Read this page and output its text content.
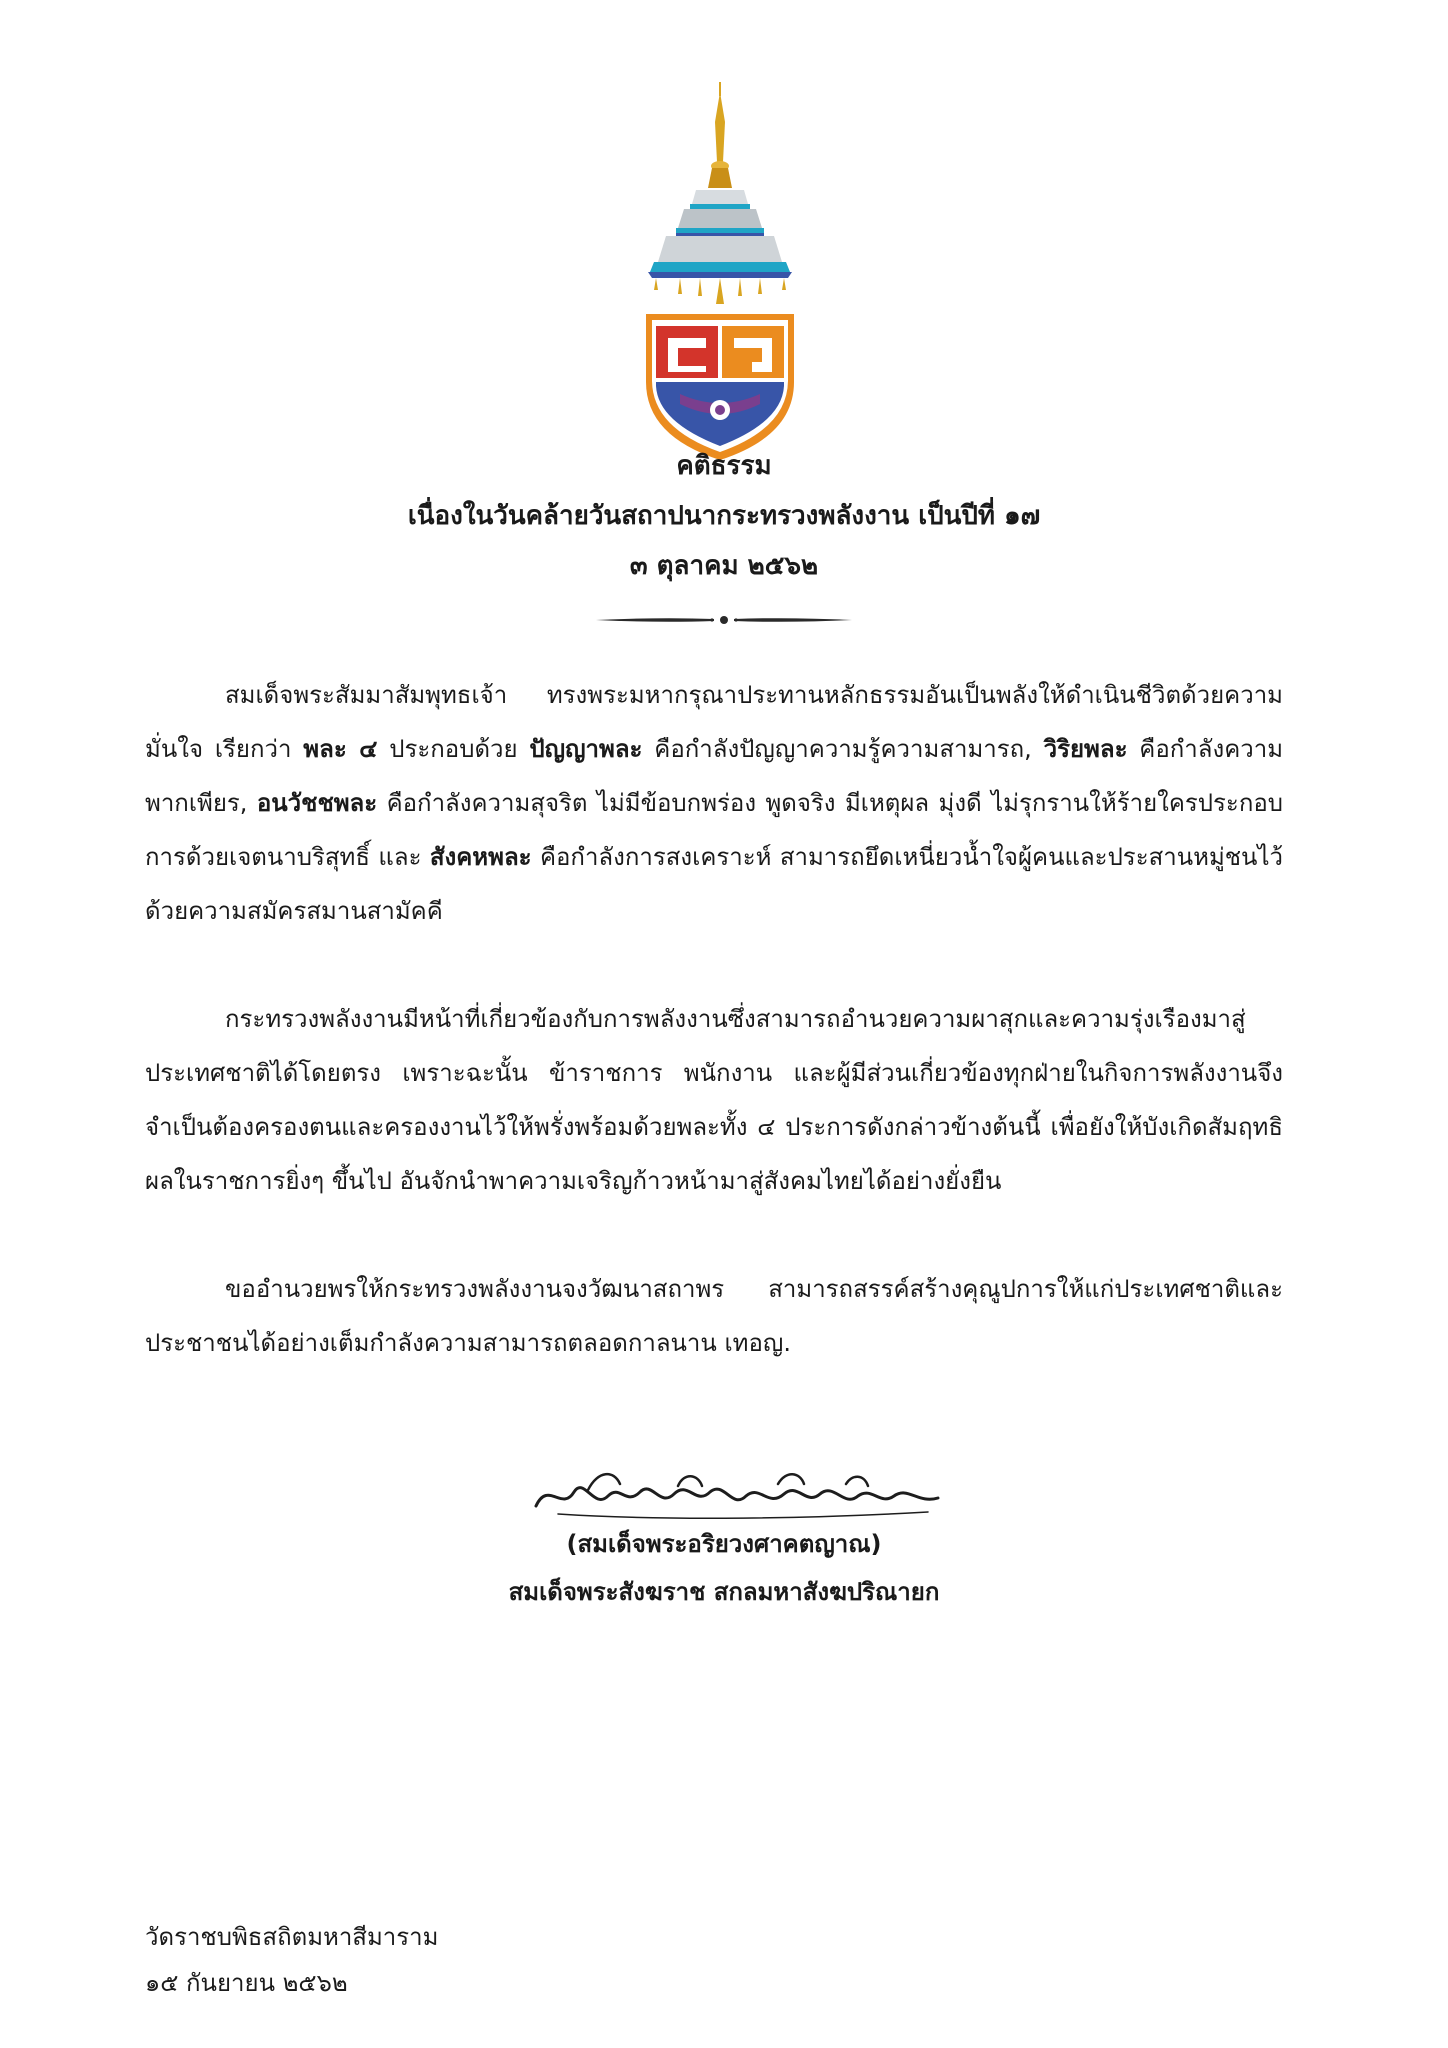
คติธรรม
เนื่องในวันคล้ายวันสถาปนากระทรวงพลังงาน เป็นปีที่ ๑๗
๓ ตุลาคม ๒๕๖๒

สมเด็จพระสัมมาสัมพุทธเจ้า ทรงพระมหากรุณาประทานหลักธรรมอันเป็นพลังให้ดำเนินชีวิตด้วยความมั่นใจ เรียกว่า พละ ๔ ประกอบด้วย ปัญญาพละ คือกำลังปัญญาความรู้ความสามารถ, วิริยพละ คือกำลังความพากเพียร, อนวัชชพละ คือกำลังความสุจริต ไม่มีข้อบกพร่อง พูดจริง มีเหตุผล มุ่งดี ไม่รุกรานให้ร้ายใครประกอบการด้วยเจตนาบริสุทธิ์ และ สังคหพละ คือกำลังการสงเคราะห์ สามารถยึดเหนี่ยวน้ำใจผู้คนและประสานหมู่ชนไว้ด้วยความสมัครสมานสามัคคี

กระทรวงพลังงานมีหน้าที่เกี่ยวข้องกับการพลังงานซึ่งสามารถอำนวยความผาสุกและความรุ่งเรืองมาสู่ประเทศชาติได้โดยตรง เพราะฉะนั้น ข้าราชการ พนักงาน และผู้มีส่วนเกี่ยวข้องทุกฝ่ายในกิจการพลังงานจึงจำเป็นต้องครองตนและครองงานไว้ให้พรั่งพร้อมด้วยพละทั้ง ๔ ประการดังกล่าวข้างต้นนี้ เพื่อยังให้บังเกิดสัมฤทธิผลในราชการยิ่งๆ ขึ้นไป อันจักนำพาความเจริญก้าวหน้ามาสู่สังคมไทยได้อย่างยั่งยืน

ขออำนวยพรให้กระทรวงพลังงานจงวัฒนาสถาพร สามารถสรรค์สร้างคุณูปการให้แก่ประเทศชาติและประชาชนได้อย่างเต็มกำลังความสามารถตลอดกาลนาน เทอญ.

(สมเด็จพระอริยวงศาคตญาณ)
สมเด็จพระสังฆราช สกลมหาสังฆปริณายก
วัดราชบพิธสถิตมหาสีมาราม
๑๕ กันยายน ๒๕๖๒
